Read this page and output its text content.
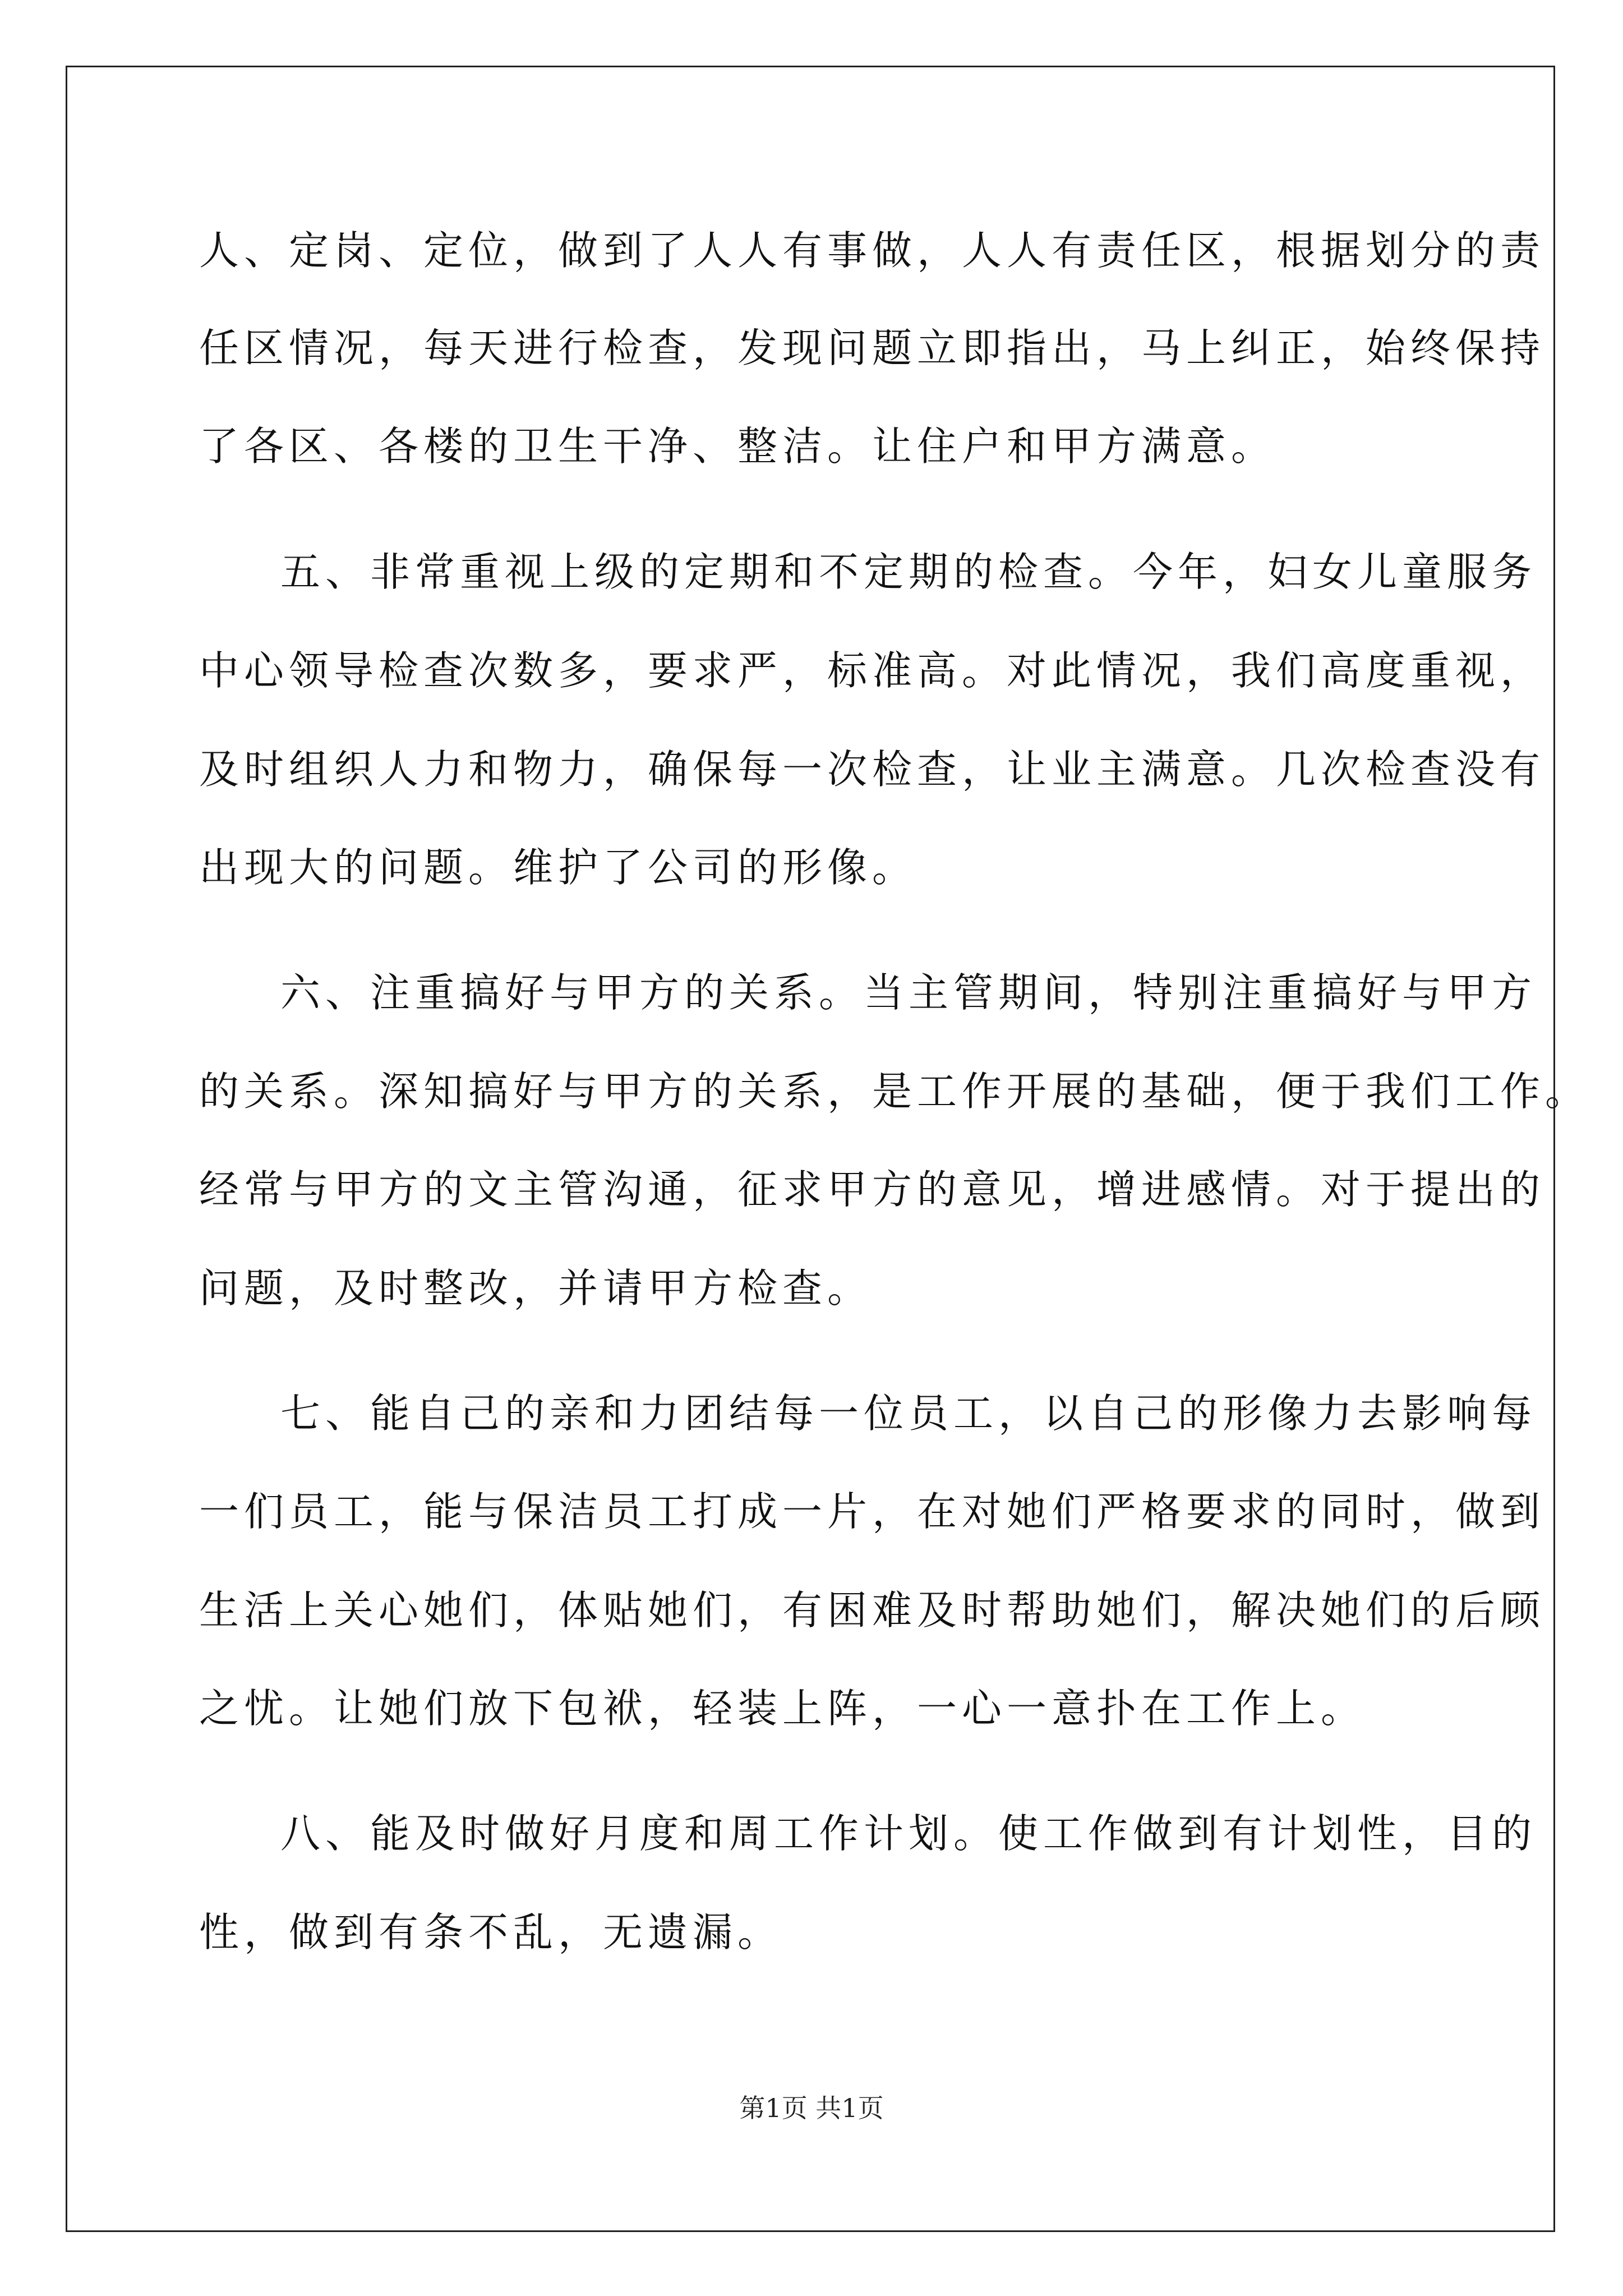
人、定岗、定位，做到了人人有事做，人人有责任区，根据划分的责
任区情况，每天进行检查，发现问题立即指出，马上纠正，始终保持
了各区、各楼的卫生干净、整洁。让住户和甲方满意。
五、非常重视上级的定期和不定期的检查。今年，妇女儿童服务
中心领导检查次数多，要求严，标准高。对此情况，我们高度重视，
及时组织人力和物力，确保每一次检查，让业主满意。几次检查没有
出现大的问题。维护了公司的形像。
六、注重搞好与甲方的关系。当主管期间，特别注重搞好与甲方
的关系。深知搞好与甲方的关系，是工作开展的基础，便于我们工作。
经常与甲方的文主管沟通，征求甲方的意见，增进感情。对于提出的
问题，及时整改，并请甲方检查。
七、能自己的亲和力团结每一位员工，以自己的形像力去影响每
一们员工，能与保洁员工打成一片，在对她们严格要求的同时，做到
生活上关心她们，体贴她们，有困难及时帮助她们，解决她们的后顾
之忧。让她们放下包袱，轻装上阵，一心一意扑在工作上。
八、能及时做好月度和周工作计划。使工作做到有计划性，目的
性，做到有条不乱，无遗漏。
第1页 共1页
